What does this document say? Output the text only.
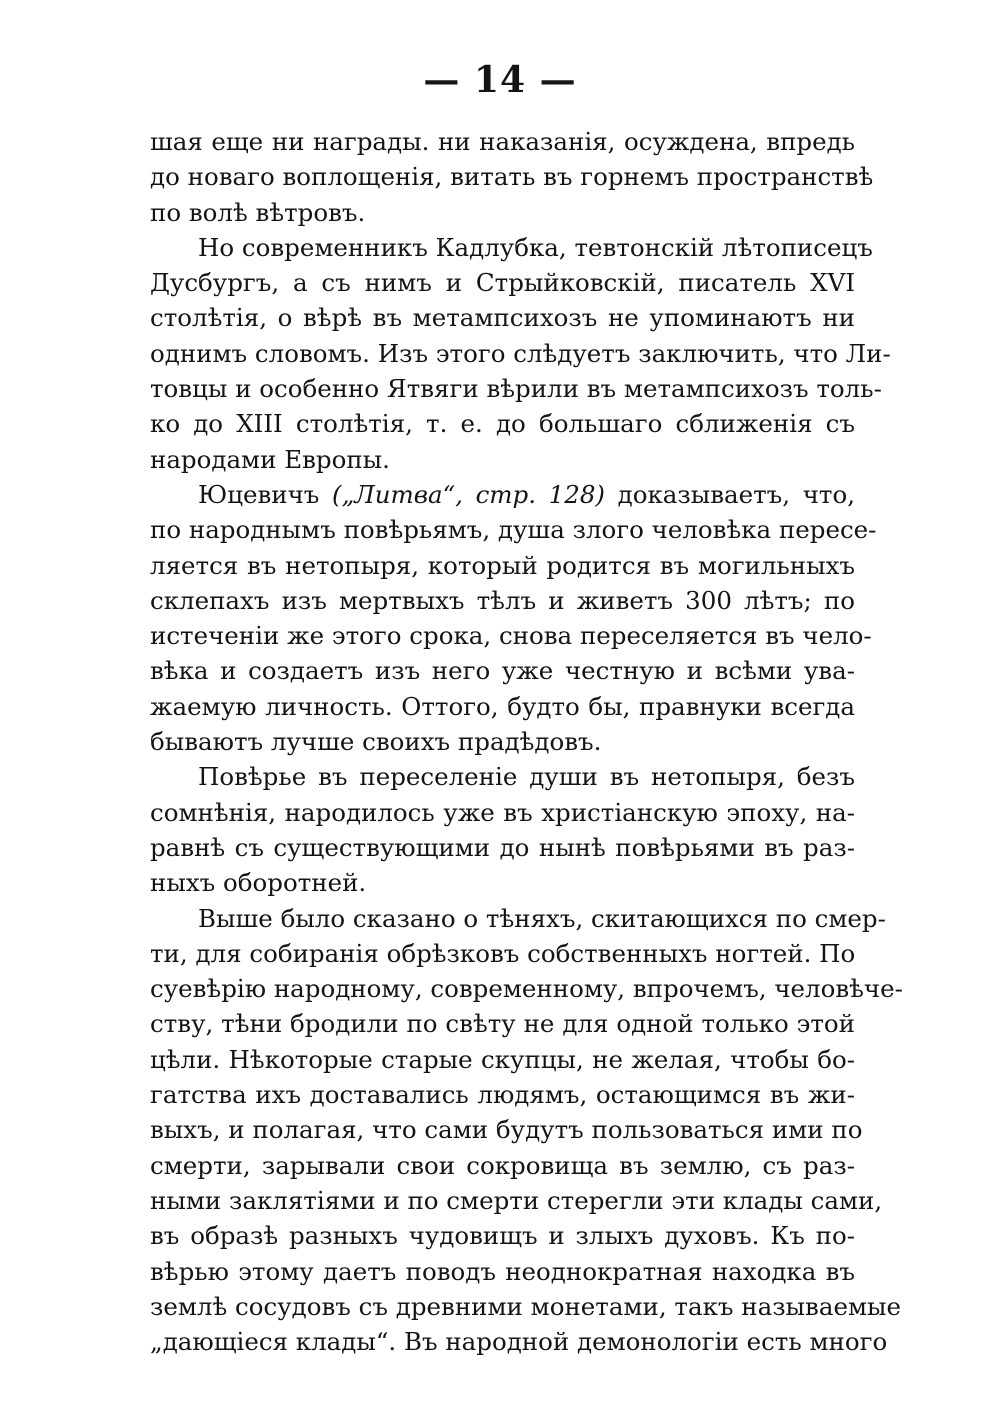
— 14 —
шая еще ни награды. ни наказанія, осуждена, впредь
до новаго воплощенія, витать въ горнемъ пространствѣ
по волѣ вѣтровъ.
Но современникъ Кадлубка, тевтонскій лѣтописецъ
Дусбургъ, а съ нимъ и Стрыйковскій, писатель XVI
столѣтія, о вѣрѣ въ метампсихозъ не упоминаютъ ни
однимъ словомъ. Изъ этого слѣдуетъ заключить, что Ли-
товцы и особенно Ятвяги вѣрили въ метампсихозъ толь-
ко до XIII столѣтія, т. е. до большаго сближенія съ
народами Европы.
Юцевичъ („Литва“, стр. 128) доказываетъ, что,
по народнымъ повѣрьямъ, душа злого человѣка пересе-
ляется въ нетопыря, который родится въ могильныхъ
склепахъ изъ мертвыхъ тѣлъ и живетъ 300 лѣтъ; по
истеченіи же этого срока, снова переселяется въ чело-
вѣка и создаетъ изъ него уже честную и всѣми ува-
жаемую личность. Оттого, будто бы, правнуки всегда
бываютъ лучше своихъ прадѣдовъ.
Повѣрье въ переселеніе души въ нетопыря, безъ
сомнѣнія, народилось уже въ христіанскую эпоху, на-
равнѣ съ существующими до нынѣ повѣрьями въ раз-
ныхъ оборотней.
Выше было сказано о тѣняхъ, скитающихся по смер-
ти, для собиранія обрѣзковъ собственныхъ ногтей. По
суевѣрію народному, современному, впрочемъ, человѣче-
ству, тѣни бродили по свѣту не для одной только этой
цѣли. Нѣкоторые старые скупцы, не желая, чтобы бо-
гатства ихъ доставались людямъ, остающимся въ жи-
выхъ, и полагая, что сами будутъ пользоваться ими по
смерти, зарывали свои сокровища въ землю, съ раз-
ными заклятіями и по смерти стерегли эти клады сами,
въ образѣ разныхъ чудовищъ и злыхъ духовъ. Къ по-
вѣрью этому даетъ поводъ неоднократная находка въ
землѣ сосудовъ съ древними монетами, такъ называемые
„дающіеся клады“. Въ народной демонологіи есть много
